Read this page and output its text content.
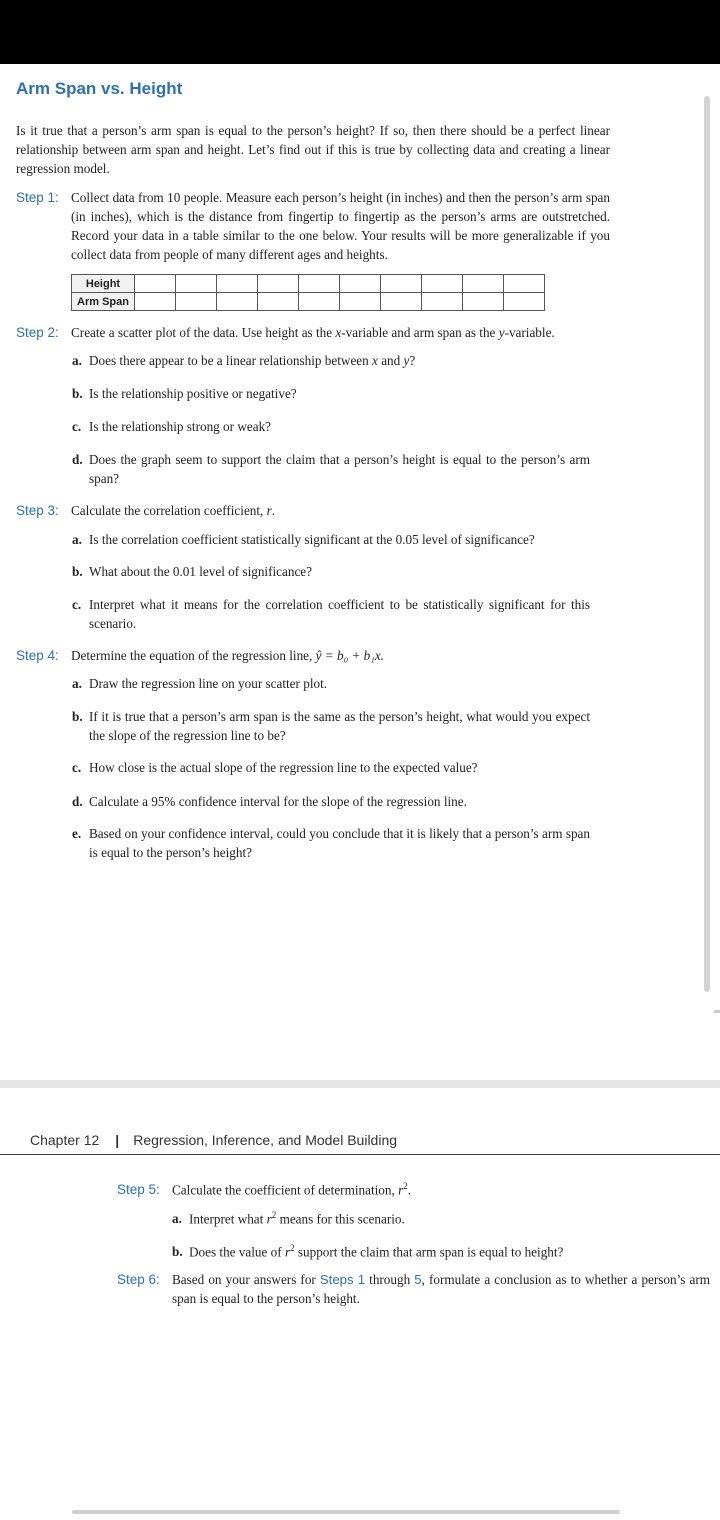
Arm Span vs. Height

Is it true that a person’s arm span is equal to the person’s height? If so, then there should be a perfect linear relationship between arm span and height. Let’s find out if this is true by collecting data and creating a linear regression model.

Step 1: Collect data from 10 people. Measure each person’s height (in inches) and then the person’s arm span (in inches), which is the distance from fingertip to fingertip as the person’s arms are outstretched. Record your data in a table similar to the one below. Your results will be more generalizable if you collect data from people of many different ages and heights.

Height										
Arm Span										

Step 2: Create a scatter plot of the data. Use height as the x-variable and arm span as the y-variable.

a. Does there appear to be a linear relationship between x and y?

b. Is the relationship positive or negative?

c. Is the relationship strong or weak?

d. Does the graph seem to support the claim that a person’s height is equal to the person’s arm span?

Step 3: Calculate the correlation coefficient, r.

a. Is the correlation coefficient statistically significant at the 0.05 level of significance?

b. What about the 0.01 level of significance?

c. Interpret what it means for the correlation coefficient to be statistically significant for this scenario.

Step 4: Determine the equation of the regression line, ŷ = b₀ + b₁x.

a. Draw the regression line on your scatter plot.

b. If it is true that a person’s arm span is the same as the person’s height, what would you expect the slope of the regression line to be?

c. How close is the actual slope of the regression line to the expected value?

d. Calculate a 95% confidence interval for the slope of the regression line.

e. Based on your confidence interval, could you conclude that it is likely that a person’s arm span is equal to the person’s height?

Chapter 12 | Regression, Inference, and Model Building

Step 5: Calculate the coefficient of determination, $r^2$.

a. Interpret what $r^2$ means for this scenario.

b. Does the value of $r^2$ support the claim that arm span is equal to height?

Step 6: Based on your answers for Steps 1 through 5, formulate a conclusion as to whether a person’s arm span is equal to the person’s height.
